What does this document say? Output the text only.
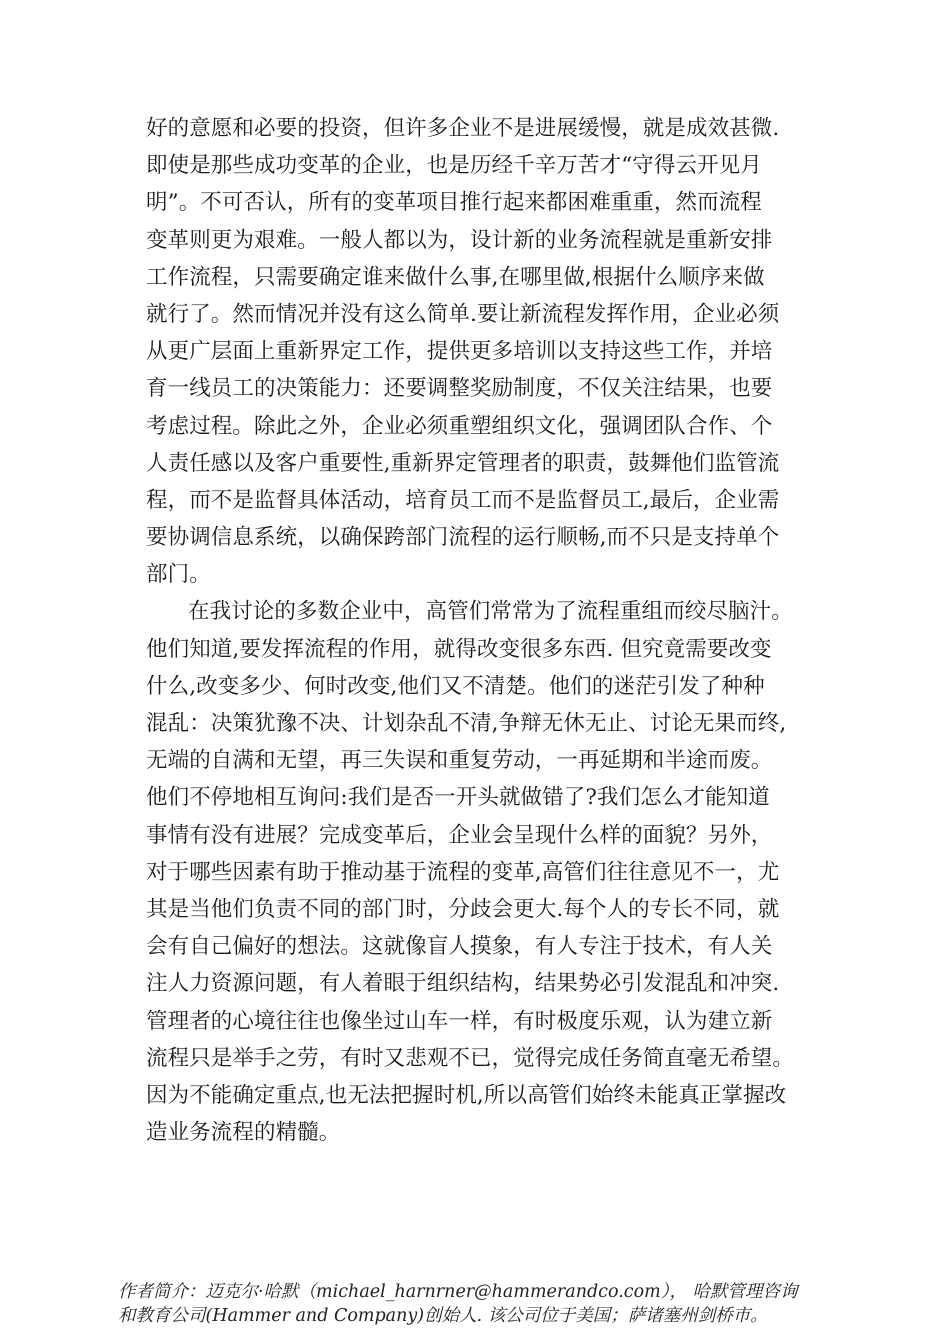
好的意愿和必要的投资，但许多企业不是进展缓慢，就是成效甚微.
即使是那些成功变革的企业，也是历经千辛万苦才“守得云开见月
明”。不可否认，所有的变革项目推行起来都困难重重，然而流程
变革则更为艰难。一般人都以为，设计新的业务流程就是重新安排
工作流程，只需要确定谁来做什么事,在哪里做,根据什么顺序来做
就行了。然而情况并没有这么简单.要让新流程发挥作用，企业必须
从更广层面上重新界定工作，提供更多培训以支持这些工作，并培
育一线员工的决策能力：还要调整奖励制度，不仅关注结果，也要
考虑过程。除此之外，企业必须重塑组织文化，强调团队合作、个
人责任感以及客户重要性,重新界定管理者的职责，鼓舞他们监管流
程，而不是监督具体活动，培育员工而不是监督员工,最后，企业需
要协调信息系统，以确保跨部门流程的运行顺畅,而不只是支持单个
部门。
在我讨论的多数企业中，高管们常常为了流程重组而绞尽脑汁。
他们知道,要发挥流程的作用，就得改变很多东西. 但究竟需要改变
什么,改变多少、何时改变,他们又不清楚。他们的迷茫引发了种种
混乱：决策犹豫不决、计划杂乱不清,争辩无休无止、讨论无果而终,
无端的自满和无望，再三失误和重复劳动，一再延期和半途而废。
他们不停地相互询问:我们是否一开头就做错了?我们怎么才能知道
事情有没有进展？完成变革后，企业会呈现什么样的面貌？另外，
对于哪些因素有助于推动基于流程的变革,高管们往往意见不一，尤
其是当他们负责不同的部门时，分歧会更大.每个人的专长不同，就
会有自己偏好的想法。这就像盲人摸象，有人专注于技术，有人关
注人力资源问题，有人着眼于组织结构，结果势必引发混乱和冲突.
管理者的心境往往也像坐过山车一样，有时极度乐观，认为建立新
流程只是举手之劳，有时又悲观不已，觉得完成任务简直毫无希望。
因为不能确定重点,也无法把握时机,所以高管们始终未能真正掌握改
造业务流程的精髓。
作者简介：迈克尔·哈默（michael_harnrner@hammerandco.com）， 哈默管理咨询
和教育公司(Hammer and Company)创始人. 该公司位于美国；萨诸塞州剑桥市。
